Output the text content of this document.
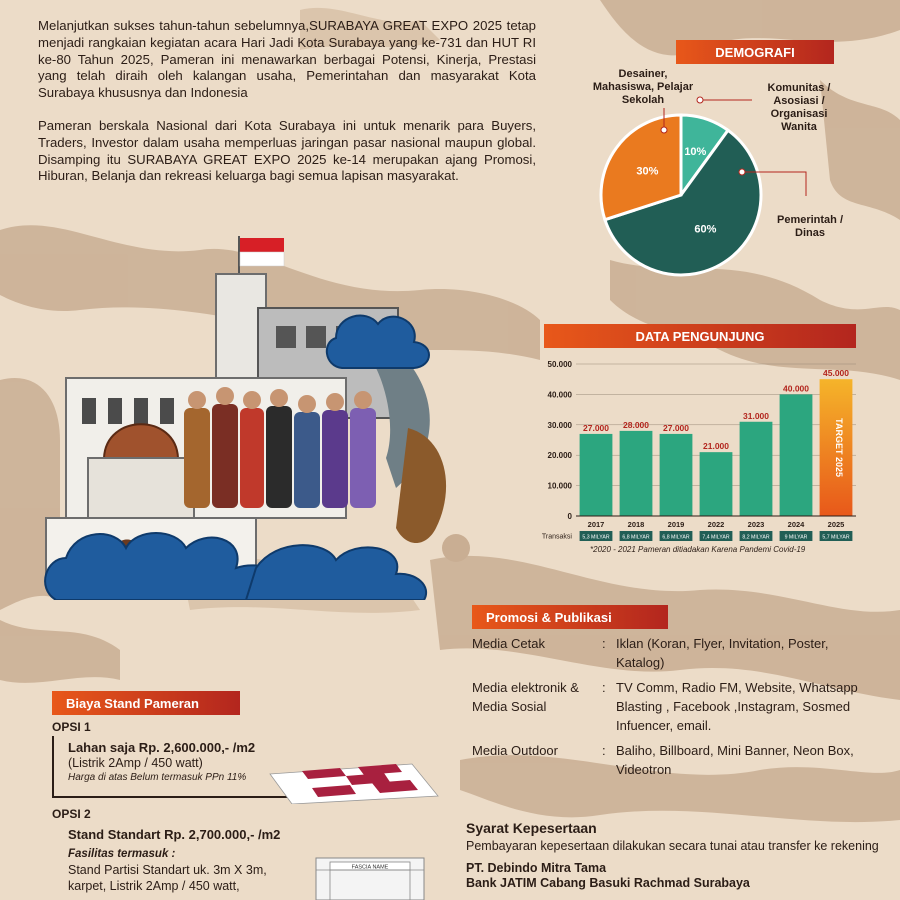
Melanjutkan sukses tahun-tahun sebelumnya,SURABAYA GREAT EXPO 2025 tetap menjadi rangkaian kegiatan acara Hari Jadi Kota Surabaya yang ke-731 dan HUT RI ke-80 Tahun 2025, Pameran ini menawarkan berbagai Potensi, Kinerja, Prestasi yang telah diraih oleh kalangan usaha, Pemerintahan dan masyarakat Kota Surabaya khususnya dan Indonesia

Pameran berskala Nasional dari Kota Surabaya ini untuk menarik para Buyers, Traders, Investor dalam usaha memperluas jaringan pasar nasional maupun global. Disamping itu SURABAYA GREAT EXPO 2025 ke-14 merupakan ajang Promosi, Hiburan, Belanja dan rekreasi keluarga bagi semua lapisan masyarakat.

DEMOGRAFI
10%
60%
30%
Desainer, Mahasiswa, Pelajar Sekolah
Komunitas / Asosiasi / Organisasi Wanita
Pemerintah / Dinas
DATA PENGUNJUNG
0
10.000
20.000
30.000
40.000
50.000
27.000
2017
5,3 MILYAR
28.000
2018
6,8 MILYAR
27.000
2019
6,8 MILYAR
21.000
2022
7,4 MILYAR
31.000
2023
8,2 MILYAR
40.000
2024
9 MILYAR
45.000
2025
5,7 MILYAR
TARGET 2025
Transaksi
*2020 - 2021 Pameran ditiadakan Karena Pandemi Covid-19
Promosi & Publikasi
Media Cetak	: Iklan (Koran, Flyer, Invitation, Poster, Katalog)
Media elektronik & Media Sosial
: TV Comm, Radio FM, Website, Whatsapp Blasting , Facebook ,Instagram, Sosmed Infuencer, email.
Media Outdoor	: Baliho, Billboard, Mini Banner, Neon Box, Videotron
Syarat Kepesertaan
Pembayaran kepesertaan dilakukan secara tunai atau transfer ke rekening
PT. Debindo Mitra Tama
Bank JATIM Cabang Basuki Rachmad Surabaya
Biaya Stand Pameran
OPSI 1
Lahan saja Rp. 2,600.000,- /m2
(Listrik 2Amp / 450 watt)
Harga di atas Belum termasuk PPn 11%
OPSI 2
Stand Standart Rp. 2,700.000,- /m2
Fasilitas termasuk :
Stand Partisi Standart uk. 3m X 3m,
karpet, Listrik 2Amp / 450 watt,
FASCIA NAME
